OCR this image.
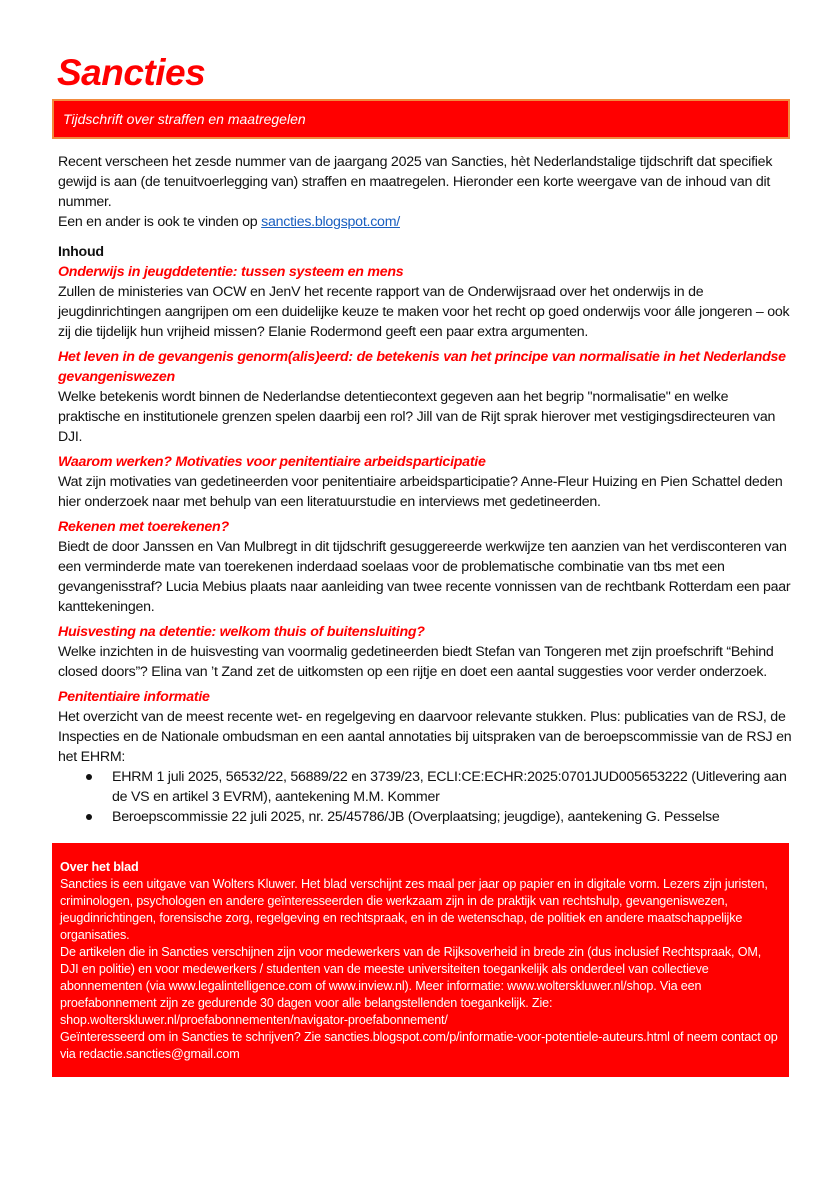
Sancties
Tijdschrift over straffen en maatregelen

Recent verscheen het zesde nummer van de jaargang 2025 van Sancties, hèt Nederlandstalige tijdschrift dat specifiek gewijd is aan (de tenuitvoerlegging van) straffen en maatregelen. Hieronder een korte weergave van de inhoud van dit nummer.

Een en ander is ook te vinden op sancties.blogspot.com/

Inhoud

Onderwijs in jeugddetentie: tussen systeem en mens

Zullen de ministeries van OCW en JenV het recente rapport van de Onderwijsraad over het onderwijs in de jeugdinrichtingen aangrijpen om een duidelijke keuze te maken voor het recht op goed onderwijs voor álle jongeren – ook zij die tijdelijk hun vrijheid missen? Elanie Rodermond geeft een paar extra argumenten.

Het leven in de gevangenis genorm(alis)eerd: de betekenis van het principe van normalisatie in het Nederlandse gevangeniswezen

Welke betekenis wordt binnen de Nederlandse detentiecontext gegeven aan het begrip "normalisatie" en welke praktische en institutionele grenzen spelen daarbij een rol? Jill van de Rijt sprak hierover met vestigingsdirecteuren van DJI.

Waarom werken? Motivaties voor penitentiaire arbeidsparticipatie

Wat zijn motivaties van gedetineerden voor penitentiaire arbeidsparticipatie? Anne-Fleur Huizing en Pien Schattel deden hier onderzoek naar met behulp van een literatuurstudie en interviews met gedetineerden.

Rekenen met toerekenen?

Biedt de door Janssen en Van Mulbregt in dit tijdschrift gesuggereerde werkwijze ten aanzien van het verdisconteren van een verminderde mate van toerekenen inderdaad soelaas voor de problematische combinatie van tbs met een gevangenisstraf? Lucia Mebius plaats naar aanleiding van twee recente vonnissen van de rechtbank Rotterdam een paar kanttekeningen.

Huisvesting na detentie: welkom thuis of buitensluiting?

Welke inzichten in de huisvesting van voormalig gedetineerden biedt Stefan van Tongeren met zijn proefschrift “Behind closed doors”? Elina van ’t Zand zet de uitkomsten op een rijtje en doet een aantal suggesties voor verder onderzoek.

Penitentiaire informatie

Het overzicht van de meest recente wet- en regelgeving en daarvoor relevante stukken. Plus: publicaties van de RSJ, de Inspecties en de Nationale ombudsman en een aantal annotaties bij uitspraken van de beroepscommissie van de RSJ en het EHRM:

EHRM 1 juli 2025, 56532/22, 56889/22 en 3739/23, ECLI:CE:ECHR:2025:0701JUD005653222 (Uitlevering aan de VS en artikel 3 EVRM), aantekening M.M. Kommer
Beroepscommissie 22 juli 2025, nr. 25/45786/JB (Overplaatsing; jeugdige), aantekening G. Pesselse

Over het blad

Sancties is een uitgave van Wolters Kluwer. Het blad verschijnt zes maal per jaar op papier en in digitale vorm. Lezers zijn juristen, criminologen, psychologen en andere geïnteresseerden die werkzaam zijn in de praktijk van rechtshulp, gevangeniswezen, jeugdinrichtingen, forensische zorg, regelgeving en rechtspraak, en in de wetenschap, de politiek en andere maatschappelijke organisaties.

De artikelen die in Sancties verschijnen zijn voor medewerkers van de Rijksoverheid in brede zin (dus inclusief Rechtspraak, OM, DJI en politie) en voor medewerkers / studenten van de meeste universiteiten toegankelijk als onderdeel van collectieve abonnementen (via www.legalintelligence.com of www.inview.nl). Meer informatie: www.wolterskluwer.nl/shop. Via een proefabonnement zijn ze gedurende 30 dagen voor alle belangstellenden toegankelijk. Zie: shop.wolterskluwer.nl/proefabonnementen/navigator-proefabonnement/

Geïnteresseerd om in Sancties te schrijven? Zie sancties.blogspot.com/p/informatie-voor-potentiele-auteurs.html of neem contact op via redactie.sancties@gmail.com
